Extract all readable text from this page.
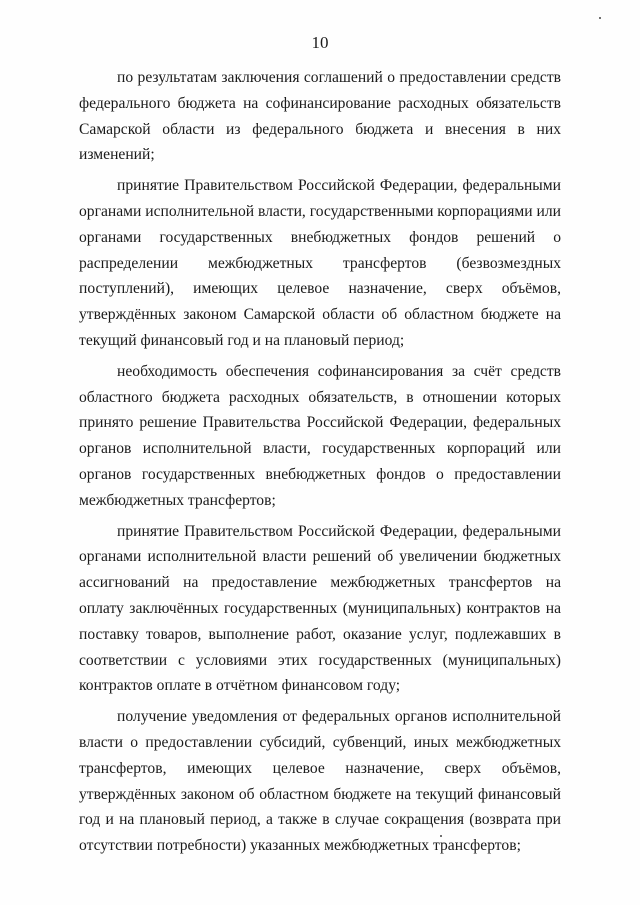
10

по результатам заключения соглашений о предоставлении средств федерального бюджета на софинансирование расходных обязательств Самарской области из федерального бюджета и внесения в них изменений;

принятие Правительством Российской Федерации, федеральными органами исполнительной власти, государственными корпорациями или органами государственных внебюджетных фондов решений о распределении межбюджетных трансфертов (безвозмездных поступлений), имеющих целевое назначение, сверх объёмов, утверждённых законом Самарской области об областном бюджете на текущий финансовый год и на плановый период;

необходимость обеспечения софинансирования за счёт средств областного бюджета расходных обязательств, в отношении которых принято решение Правительства Российской Федерации, федеральных органов исполнительной власти, государственных корпораций или органов государственных внебюджетных фондов о предоставлении межбюджетных трансфертов;

принятие Правительством Российской Федерации, федеральными органами исполнительной власти решений об увеличении бюджетных ассигнований на предоставление межбюджетных трансфертов на оплату заключённых государственных (муниципальных) контрактов на поставку товаров, выполнение работ, оказание услуг, подлежавших в соответствии с условиями этих государственных (муниципальных) контрактов оплате в отчётном финансовом году;

получение уведомления от федеральных органов исполнительной власти о предоставлении субсидий, субвенций, иных межбюджетных трансфертов, имеющих целевое назначение, сверх объёмов, утверждённых законом об областном бюджете на текущий финансовый год и на плановый период, а также в случае сокращения (возврата при отсутствии потребности) указанных межбюджетных трансфертов;
